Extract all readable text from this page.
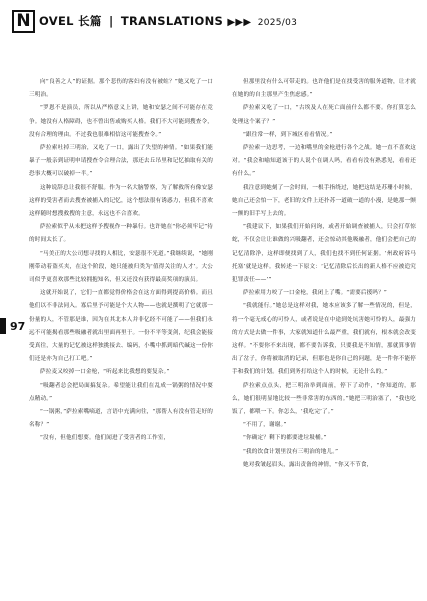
N OVEL 长篇 | TRANSLATIONS ▶▶▶ 2025/03
97

向“良善之人”的证据。那个悲伤的客妇有没有被蛀？”她又吃了一口三明治。

“罗恩不是演员，所以从严格意义上讲，她和安瑟之间不可能存在竞争。她没有人格障碍，也不曾出售或购买人格。我们不大可能到搜查令，没有合理的理由。不过我也很难相信这可能搜查令。”

萨拉索吐掉三明治，又吃了一口，露出了失望的神情。“如果我们能暴子一般亲到证明申请搜查令合理合法，那还去丘吊里和记忆抽取有关的恐事大概可以破掉一半。”

这种说辞总让我很不舒服。作为一名大脑警察，为了解救所有像安瑟这样的受害者而去搜查被捕入的记忆，这个想法很有诱惑力，但我不喜欢这样随时想搜救搜的主意，永远也不合喜欢。

萨拉索似乎从未把这样予搜视作一种暴行。也许她在“你必须牢记”待的时间太长了。

“马美正的大公司想寻找的人相比，安瑟很不光道。”我继续说，“她刚刚带动着盗买夹，在这个阶段，她只能被归类为‘值得关注的人才’。大公司似乎更喜欢那些比较拥抱知名，但又还没有获得最高奖项的演员。

这就开始说了，它们一直都觉得价格会在这方面得到提高价格。而且他们以不非法同入。寡后里予可能是个大人物——也就是撰明了它就那一份量的人，不管那是谁，因为在其北本人并非亿经不可能了——但我们永远不可能揭看那些吸融者就出里面再里于。一份不平等变剑，纪我会能接受真往，大量的记忆被这样独挑接去、编码，小嘴中抓到暗代碱这一份你们还是亦为自己打工吧。”

萨拉麦又咬掉一口金枪，“听起来比我想的要复杂。”

“吸翻者总会把局面搞复杂。希望能让我们在乱成一锅粥的情况中耍点精动。”

“一锅粥，”萨拉索嘴嘀道，言语中充满向往，“那帮人有没有管走好的名称？”

“没有，但他们想要。他们闻进了受害者的工作室，

但那里没有什么可带走的。也许他们是在找受害的服务道物，让才就在她的的自主那里产生焦虑感。”

萨拉索又吃了一口，“古埃及人在死亡面前什么都不要。你打算怎么处理这个案子？”

“跟往常一样，到下城区看看情况。”

萨拉索一边思考，一边和嘴里的金枪进行各个之战。她一直不喜欢这对。“我会和喻知道该于的人说个在调人吗，看看有没有熟悉见，看看还有什么。”

我注意到她刻了一会时间，一根手指绕过，她把这结是苏珊小时候，她自己还会怕一下，老旧的文件上还扑苏一道破一道的小漫，是她那一颤一颤的旧手写上去的。

”我建议下，如果我们开始问询，或者开始调查被捕人，只会打草惊蛇，不仅会让让谁做的兴吸翻者，还会惊动其他吸融者，他们会把自己的记忆清除净，这样即便找到了人，我们也找不到任何证据。‘州政府诉马托塞’就是这样。我转述一下原文：‘记忆清除后长出的新人格不应被追究犯罪责任——’”

萨拉索用力咬了一口金枪，我闭上了嘴。“需要后援吗？”

“我就能行。”她总是这样对我，她本应该多了解一些情况的，但是，将一个毫无戒心的可怜人，或者说是在中途到处坑害她可怜的人，最强力的方式是去做一件事，大家就知道什么最严重，我们就有，根本就会改变这样。“不要你不来出现，都不要告诉我，只要我是不知情，那就算事情出了岔子，你将被取消的记录，但那也是你自己的问题，是一件你不能停手和我们的计划。我们到务打给这个人的时候，无论什么的。”

萨拉索点点头，把三明治举到面前，停下了动作，“你知道的，那么，她们很明显地比较一些非常害的东西的。”她把三明治塞了，“我也吃饭了，都喂一下。你怎么，‘我吃完’了。”

“不用了，谢谢。”

“你确定？剩下的都要进垃圾桶。”

“我的饮食计划里没有三明治的地儿。”

她对我皱起眉头，露出责备的神情，“你又不节食，
